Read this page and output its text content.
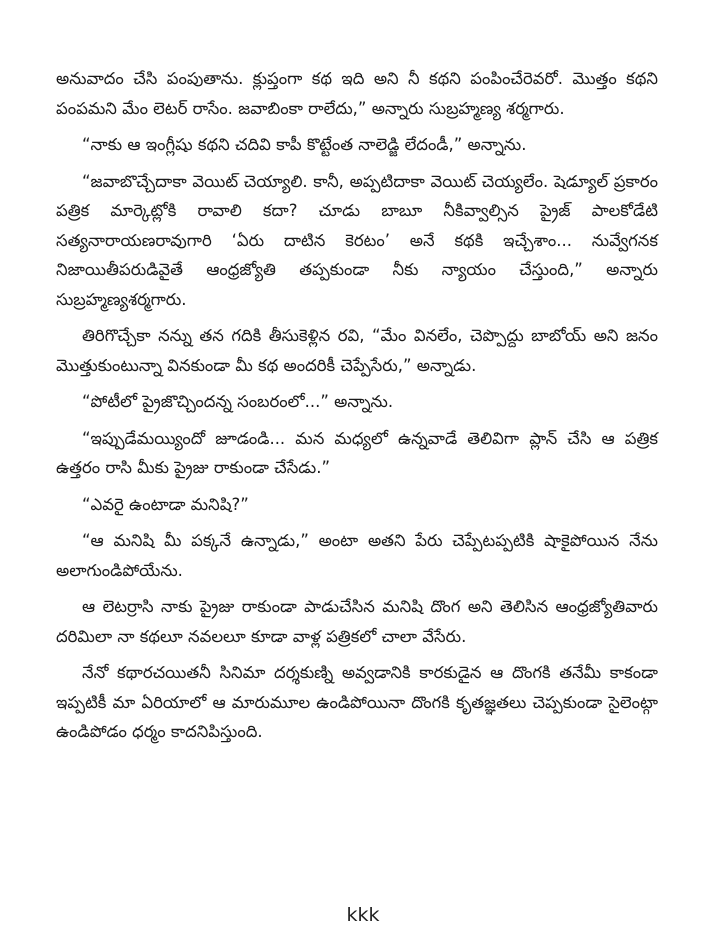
అనువాదం చేసి పంపుతాను. క్లుప్తంగా కథ ఇది అని నీ కథని పంపించేరెవరో. మొత్తం కథని పంపమని మేం లెటర్ రాసేం. జవాబింకా రాలేదు,” అన్నారు సుబ్రహ్మణ్య శర్మగారు.

“నాకు ఆ ఇంగ్లీషు కథని చదివి కాపీ కొట్టేంత నాలెడ్జి లేదండీ,” అన్నాను.

“జవాబొచ్చేదాకా వెయిట్ చెయ్యాలి. కానీ, అప్పటిదాకా వెయిట్ చెయ్యలేం. షెడ్యూల్ ప్రకారం పత్రిక మార్కెట్లోకి రావాలి కదా? చూడు బాబూ నీకివ్వాల్సిన ప్రైజ్ పాలకోడేటి సత్యనారాయణరావుగారి ‘ఏరు దాటిన కెరటం’ అనే కథకి ఇచ్చేశాం... నువ్వేగనక నిజాయితీపరుడివైతే ఆంధ్రజ్యోతి తప్పకుండా నీకు న్యాయం చేస్తుంది,” అన్నారు సుబ్రహ్మణ్యశర్మగారు.

తిరిగొచ్చేకా నన్ను తన గదికి తీసుకెళ్లిన రవి, “మేం వినలేం, చెప్పొద్దు బాబోయ్ అని జనం మొత్తుకుంటున్నా వినకుండా మీ కథ అందరికీ చెప్పేసేరు,” అన్నాడు.

“పోటీలో ప్రైజొచ్చిందన్న సంబరంలో...” అన్నాను.

“ఇప్పుడేమయ్యిందో జూడండి... మన మధ్యలో ఉన్నవాడే తెలివిగా ప్లాన్ చేసి ఆ పత్రిక ఉత్తరం రాసి మీకు ప్రైజు రాకుండా చేసేడు.”

“ఎవరై ఉంటాడా మనిషి?”

“ఆ మనిషి మీ పక్కనే ఉన్నాడు,” అంటా అతని పేరు చెప్పేటప్పటికి షాకైపోయిన నేను అలాగుండిపోయేను.

ఆ లెటర్రాసి నాకు ప్రైజు రాకుండా పాడుచేసిన మనిషి దొంగ అని తెలిసిన ఆంధ్రజ్యోతివారు దరిమిలా నా కథలూ నవలలూ కూడా వాళ్ల పత్రికలో చాలా వేసేరు.

నేనో కథారచయితనీ సినిమా దర్శకుణ్ని అవ్వడానికి కారకుడైన ఆ దొంగకి తనేమీ కాకండా ఇప్పటికీ మా ఏరియాలో ఆ మారుమూల ఉండిపోయినా దొంగకి కృతజ్ఞతలు చెప్పకుండా సైలెంట్గా ఉండిపోడం ధర్మం కాదనిపిస్తుంది.

kkk
